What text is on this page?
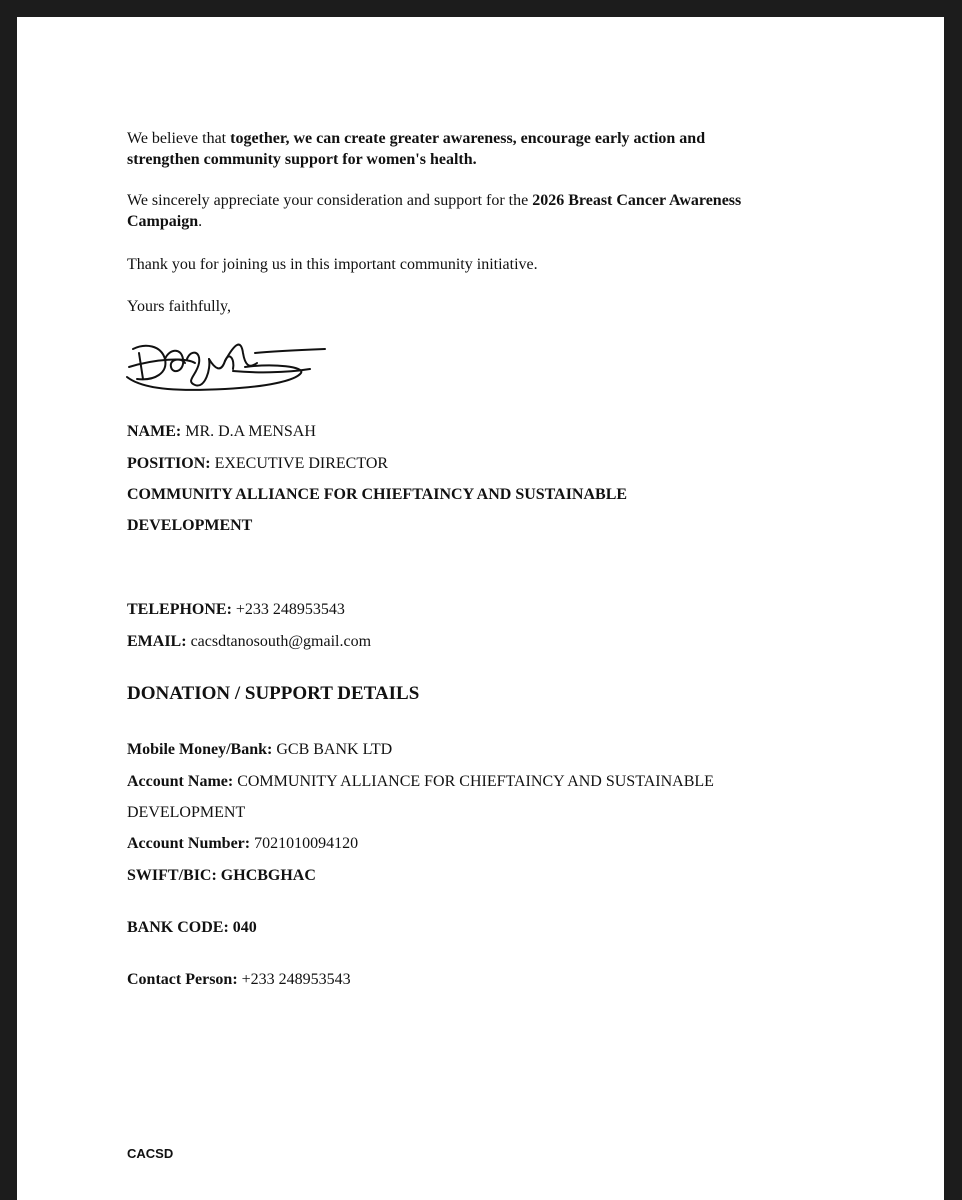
We believe that together, we can create greater awareness, encourage early action and
strengthen community support for women's health.

We sincerely appreciate your consideration and support for the 2026 Breast Cancer Awareness
Campaign.

Thank you for joining us in this important community initiative.

Yours faithfully,

NAME: MR. D.A MENSAH

POSITION: EXECUTIVE DIRECTOR

COMMUNITY ALLIANCE FOR CHIEFTAINCY AND SUSTAINABLE

DEVELOPMENT

TELEPHONE: +233 248953543

EMAIL: cacsdtanosouth@gmail.com

DONATION / SUPPORT DETAILS

Mobile Money/Bank: GCB BANK LTD

Account Name: COMMUNITY ALLIANCE FOR CHIEFTAINCY AND SUSTAINABLE

DEVELOPMENT

Account Number: 7021010094120

SWIFT/BIC: GHCBGHAC

BANK CODE: 040

Contact Person: +233 248953543

CACSD
